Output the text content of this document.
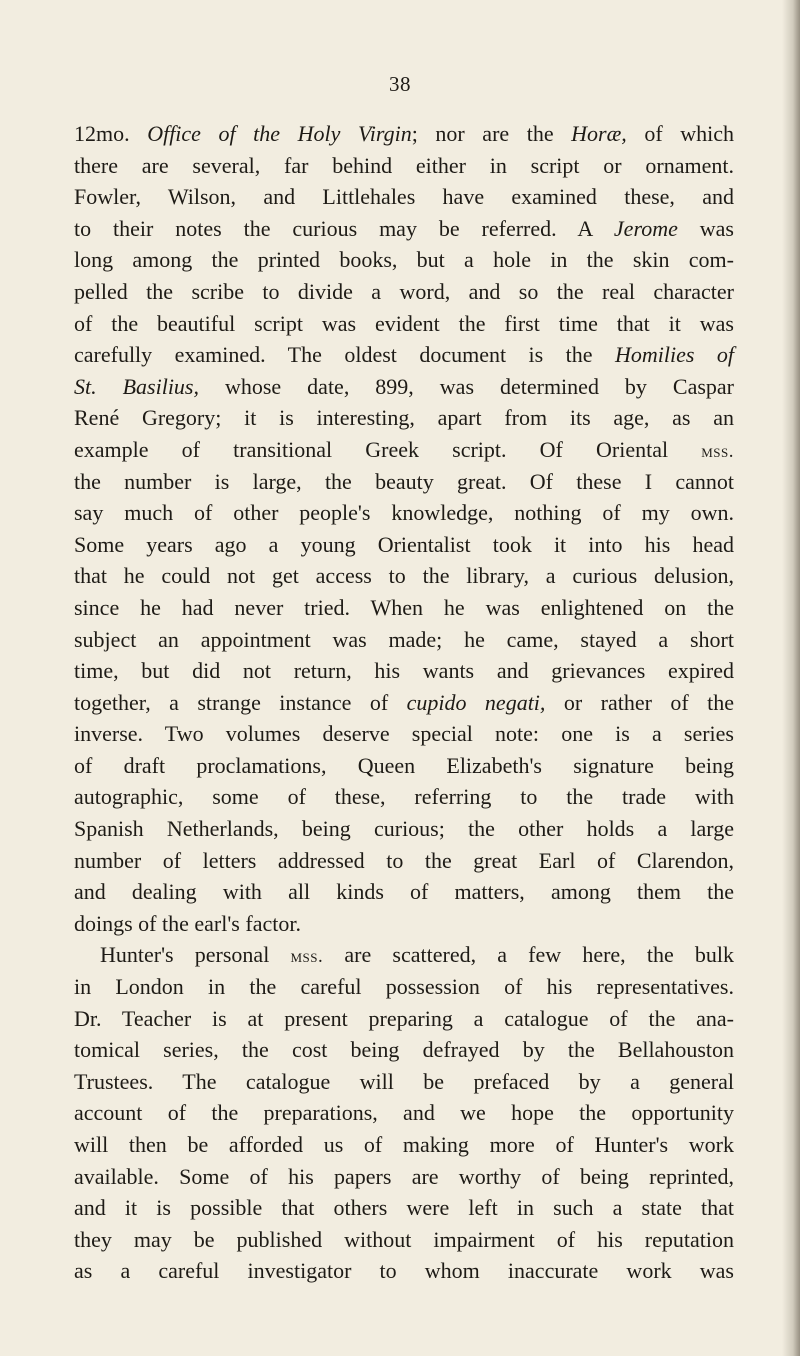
38
12mo. Office of the Holy Virgin; nor are the Horæ, of which
there are several, far behind either in script or ornament.
Fowler, Wilson, and Littlehales have examined these, and
to their notes the curious may be referred. A Jerome was
long among the printed books, but a hole in the skin com-
pelled the scribe to divide a word, and so the real character
of the beautiful script was evident the first time that it was
carefully examined. The oldest document is the Homilies of
St. Basilius, whose date, 899, was determined by Caspar
René Gregory; it is interesting, apart from its age, as an
example of transitional Greek script. Of Oriental mss.
the number is large, the beauty great. Of these I cannot
say much of other people's knowledge, nothing of my own.
Some years ago a young Orientalist took it into his head
that he could not get access to the library, a curious delusion,
since he had never tried. When he was enlightened on the
subject an appointment was made; he came, stayed a short
time, but did not return, his wants and grievances expired
together, a strange instance of cupido negati, or rather of the
inverse. Two volumes deserve special note: one is a series
of draft proclamations, Queen Elizabeth's signature being
autographic, some of these, referring to the trade with
Spanish Netherlands, being curious; the other holds a large
number of letters addressed to the great Earl of Clarendon,
and dealing with all kinds of matters, among them the
doings of the earl's factor.
Hunter's personal mss. are scattered, a few here, the bulk
in London in the careful possession of his representatives.
Dr. Teacher is at present preparing a catalogue of the ana-
tomical series, the cost being defrayed by the Bellahouston
Trustees. The catalogue will be prefaced by a general
account of the preparations, and we hope the opportunity
will then be afforded us of making more of Hunter's work
available. Some of his papers are worthy of being reprinted,
and it is possible that others were left in such a state that
they may be published without impairment of his reputation
as a careful investigator to whom inaccurate work was
